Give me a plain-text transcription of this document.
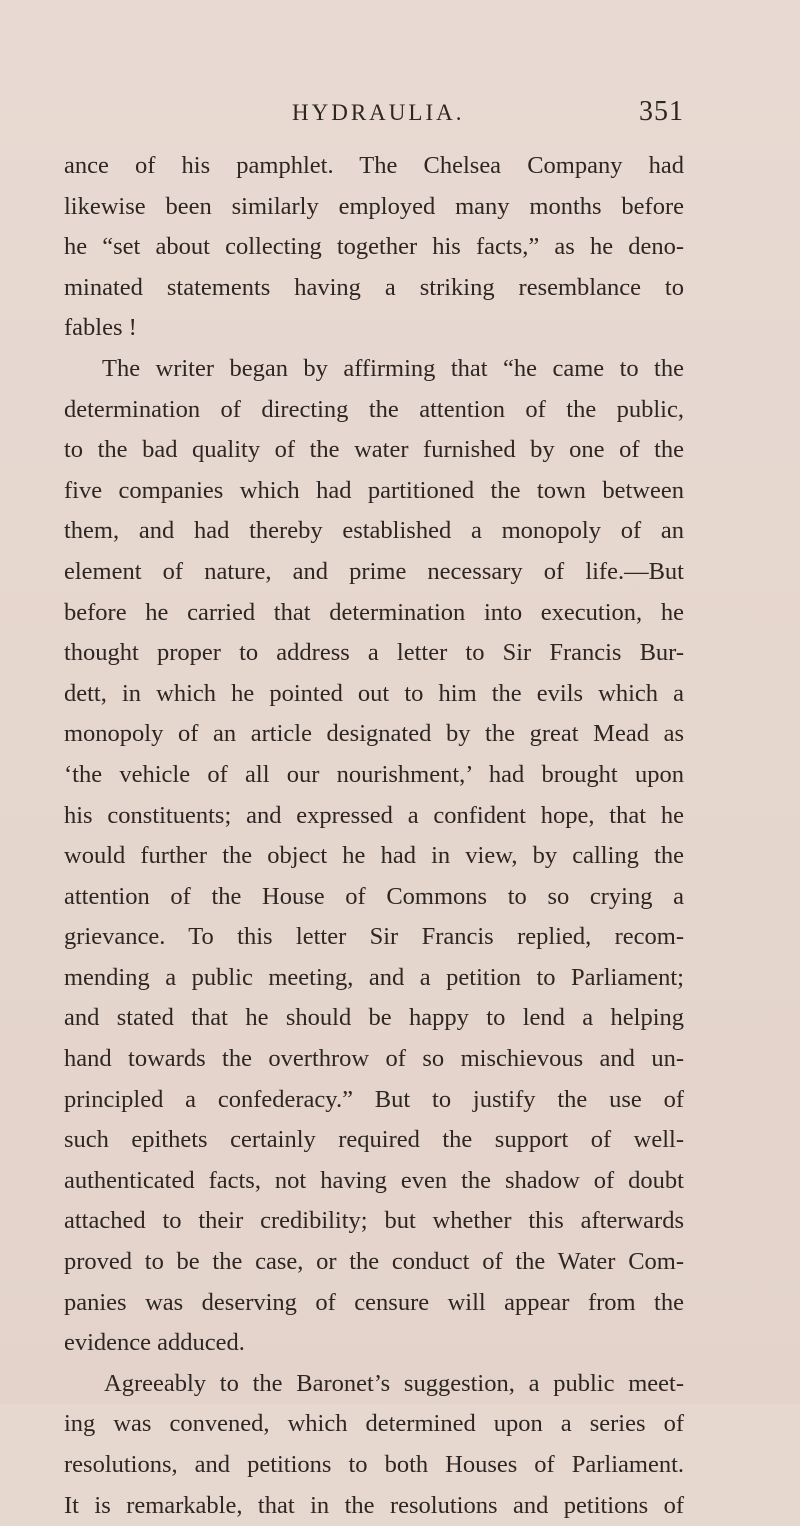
HYDRAULIA.	351
ance of his pamphlet. The Chelsea Company had
likewise been similarly employed many months before
he “set about collecting together his facts,” as he deno-
minated statements having a striking resemblance to
fables !
The writer began by affirming that “he came to the
determination of directing the attention of the public,
to the bad quality of the water furnished by one of the
five companies which had partitioned the town between
them, and had thereby established a monopoly of an
element of nature, and prime necessary of life.—But
before he carried that determination into execution, he
thought proper to address a letter to Sir Francis Bur-
dett, in which he pointed out to him the evils which a
monopoly of an article designated by the great Mead as
‘the vehicle of all our nourishment,’ had brought upon
his constituents; and expressed a confident hope, that he
would further the object he had in view, by calling the
attention of the House of Commons to so crying a
grievance. To this letter Sir Francis replied, recom-
mending a public meeting, and a petition to Parliament;
and stated that he should be happy to lend a helping
hand towards the overthrow of so mischievous and un-
principled a confederacy.” But to justify the use of
such epithets certainly required the support of well-
authenticated facts, not having even the shadow of doubt
attached to their credibility; but whether this afterwards
proved to be the case, or the conduct of the Water Com-
panies was deserving of censure will appear from the
evidence adduced.
Agreeably to the Baronet’s suggestion, a public meet-
ing was convened, which determined upon a series of
resolutions, and petitions to both Houses of Parliament.
It is remarkable, that in the resolutions and petitions of
